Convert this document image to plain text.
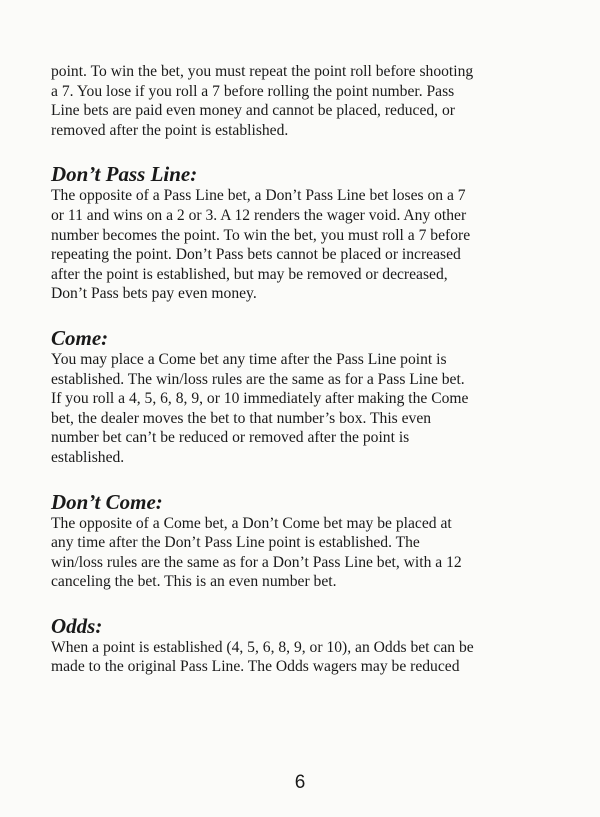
point. To win the bet, you must repeat the point roll before shooting
a 7. You lose if you roll a 7 before rolling the point number. Pass
Line bets are paid even money and cannot be placed, reduced, or
removed after the point is established.

Don’t Pass Line:

The opposite of a Pass Line bet, a Don’t Pass Line bet loses on a 7
or 11 and wins on a 2 or 3. A 12 renders the wager void. Any other
number becomes the point. To win the bet, you must roll a 7 before
repeating the point. Don’t Pass bets cannot be placed or increased
after the point is established, but may be removed or decreased,
Don’t Pass bets pay even money.

Come:

You may place a Come bet any time after the Pass Line point is
established. The win/loss rules are the same as for a Pass Line bet.
If you roll a 4, 5, 6, 8, 9, or 10 immediately after making the Come
bet, the dealer moves the bet to that number’s box. This even
number bet can’t be reduced or removed after the point is
established.

Don’t Come:

The opposite of a Come bet, a Don’t Come bet may be placed at
any time after the Don’t Pass Line point is established. The
win/loss rules are the same as for a Don’t Pass Line bet, with a 12
canceling the bet. This is an even number bet.

Odds:

When a point is established (4, 5, 6, 8, 9, or 10), an Odds bet can be
made to the original Pass Line. The Odds wagers may be reduced

6
